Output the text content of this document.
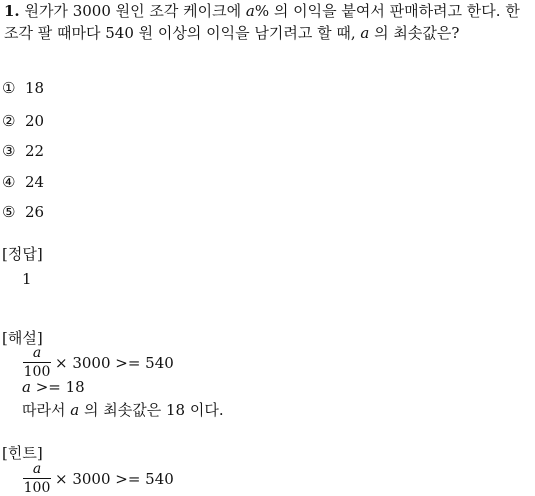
1. 원가가 3000 원인 조각 케이크에 a% 의 이익을 붙여서 판매하려고 한다. 한
조각 팔 때마다 540 원 이상의 이익을 남기려고 할 때, a 의 최솟값은?
① 18
② 20
③ 22
④ 24
⑤ 26
[정답]
1
[해설]
a
100 × 3000 >= 540
a >= 18
따라서 a 의 최솟값은 18 이다.
[힌트]
a
100 × 3000 >= 540
